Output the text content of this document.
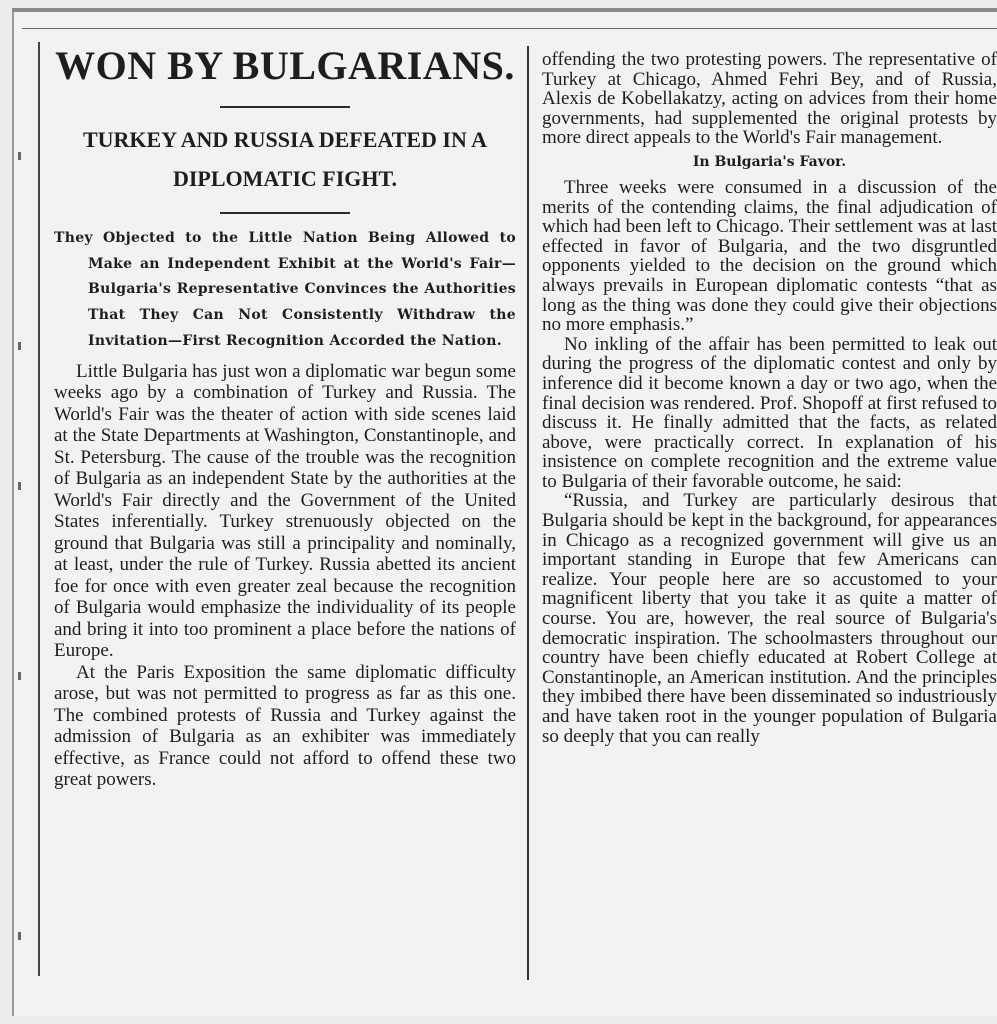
WON BY BULGARIANS.
TURKEY AND RUSSIA DEFEATED IN A DIPLOMATIC FIGHT.

They Objected to the Little Nation Being Allowed to Make an Independent Exhibit at the World's Fair—Bulgaria's Representative Convinces the Authorities That They Can Not Consistently Withdraw the Invitation—First Recognition Accorded the Nation.

Little Bulgaria has just won a diplomatic war begun some weeks ago by a combination of Turkey and Russia. The World's Fair was the theater of action with side scenes laid at the State Departments at Washington, Constantinople, and St. Petersburg. The cause of the trouble was the recognition of Bulgaria as an independent State by the authorities at the World's Fair directly and the Government of the United States inferentially. Turkey strenuously objected on the ground that Bulgaria was still a principality and nominally, at least, under the rule of Turkey. Russia abetted its ancient foe for once with even greater zeal because the recognition of Bulgaria would emphasize the individuality of its people and bring it into too prominent a place before the nations of Europe.

At the Paris Exposition the same diplomatic difficulty arose, but was not permitted to progress as far as this one. The combined protests of Russia and Turkey against the admission of Bulgaria as an exhibiter was immediately effective, as France could not afford to offend these two great powers.

offending the two protesting powers. The representative of Turkey at Chicago, Ahmed Fehri Bey, and of Russia, Alexis de Kobellakatzy, acting on advices from their home governments, had supplemented the original protests by more direct appeals to the World's Fair management.

In Bulgaria's Favor.

Three weeks were consumed in a discussion of the merits of the contending claims, the final adjudication of which had been left to Chicago. Their settlement was at last effected in favor of Bulgaria, and the two disgruntled opponents yielded to the decision on the ground which always prevails in European diplomatic contests “that as long as the thing was done they could give their objections no more emphasis.”

No inkling of the affair has been permitted to leak out during the progress of the diplomatic contest and only by inference did it become known a day or two ago, when the final decision was rendered. Prof. Shopoff at first refused to discuss it. He finally admitted that the facts, as related above, were practically correct. In explanation of his insistence on complete recognition and the extreme value to Bulgaria of their favorable outcome, he said:

“Russia, and Turkey are particularly desirous that Bulgaria should be kept in the background, for appearances in Chicago as a recognized government will give us an important standing in Europe that few Americans can realize. Your people here are so accustomed to your magnificent liberty that you take it as quite a matter of course. You are, however, the real source of Bulgaria's democratic inspiration. The schoolmasters throughout our country have been chiefly educated at Robert College at Constantinople, an American institution. And the principles they imbibed there have been disseminated so industriously and have taken root in the younger population of Bulgaria so deeply that you can really
